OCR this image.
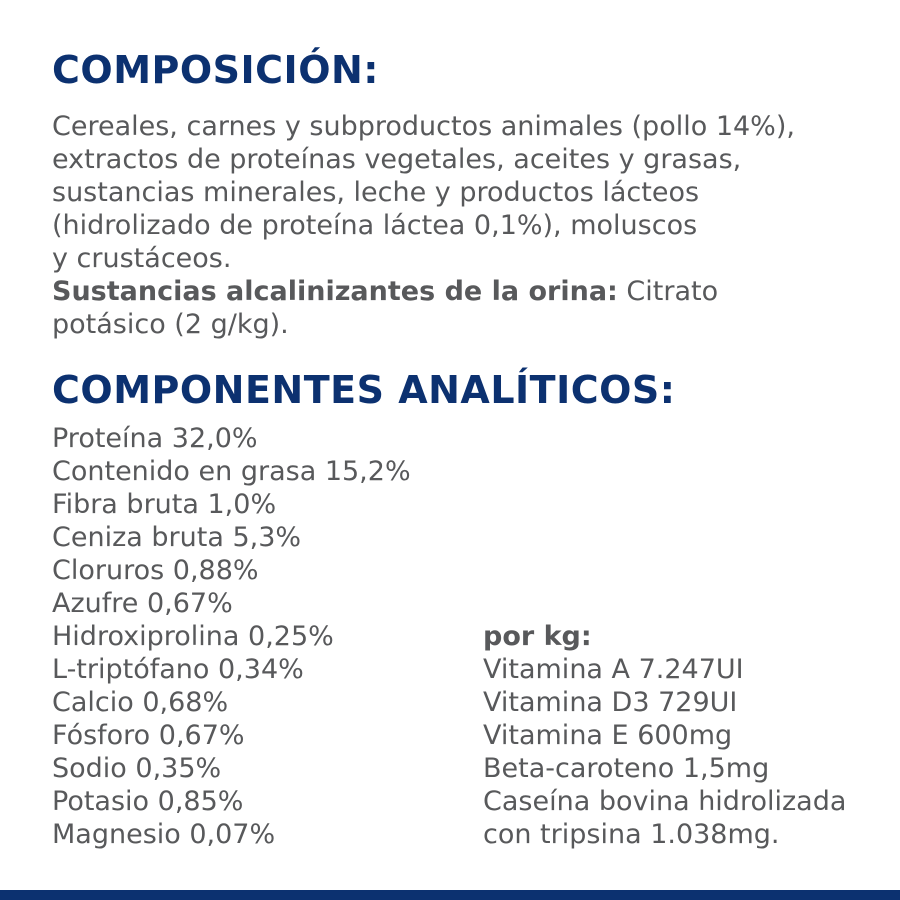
COMPOSICIÓN:
Cereales, carnes y subproductos animales (pollo 14%),
extractos de proteínas vegetales, aceites y grasas,
sustancias minerales, leche y productos lácteos
(hidrolizado de proteína láctea 0,1%), moluscos
y crustáceos.
Sustancias alcalinizantes de la orina: Citrato
potásico (2 g/kg).
COMPONENTES ANALÍTICOS:
Proteína 32,0%
Contenido en grasa 15,2%
Fibra bruta 1,0%
Ceniza bruta 5,3%
Cloruros 0,88%
Azufre 0,67%
Hidroxiprolina 0,25%
L-triptófano 0,34%
Calcio 0,68%
Fósforo 0,67%
Sodio 0,35%
Potasio 0,85%
Magnesio 0,07%
por kg:
Vitamina A 7.247UI
Vitamina D3 729UI
Vitamina E 600mg
Beta-caroteno 1,5mg
Caseína bovina hidrolizada
con tripsina 1.038mg.
